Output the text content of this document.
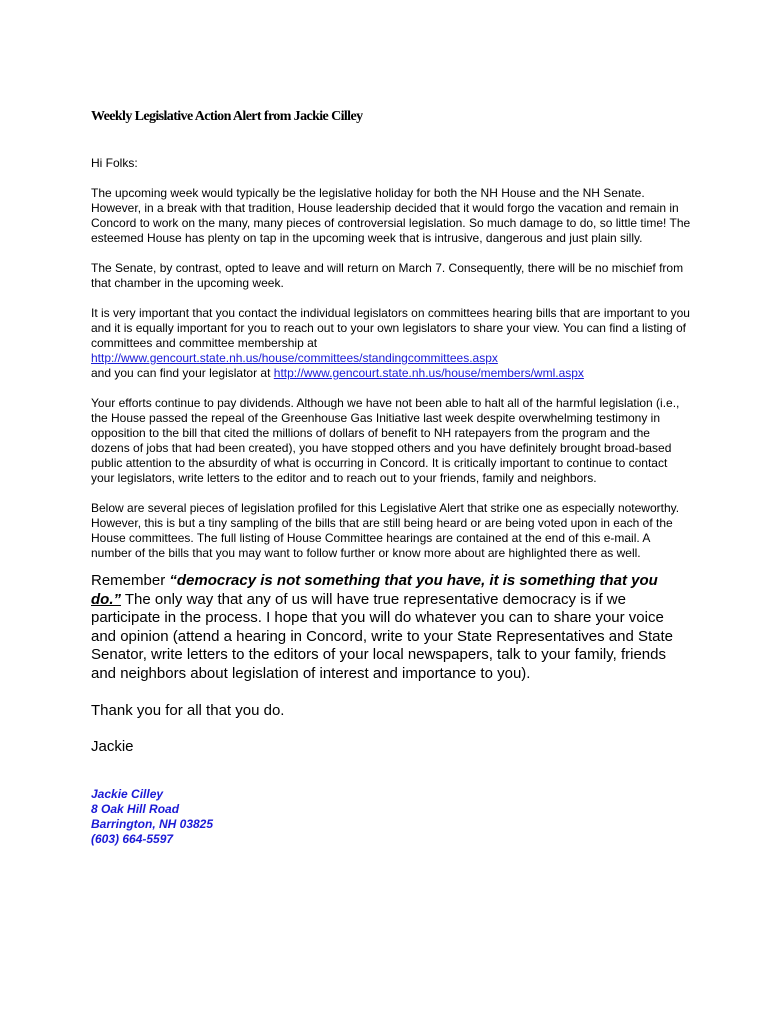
Weekly Legislative Action Alert from Jackie Cilley

Hi Folks:

The upcoming week would typically be the legislative holiday for both the NH House and the NH Senate. However, in a break with that tradition, House leadership decided that it would forgo the vacation and remain in Concord to work on the many, many pieces of controversial legislation. So much damage to do, so little time! The esteemed House has plenty on tap in the upcoming week that is intrusive, dangerous and just plain silly.

The Senate, by contrast, opted to leave and will return on March 7. Consequently, there will be no mischief from that chamber in the upcoming week.

It is very important that you contact the individual legislators on committees hearing bills that are important to you and it is equally important for you to reach out to your own legislators to share your view. You can find a listing of committees and committee membership at
http://www.gencourt.state.nh.us/house/committees/standingcommittees.aspx
and you can find your legislator at http://www.gencourt.state.nh.us/house/members/wml.aspx

Your efforts continue to pay dividends. Although we have not been able to halt all of the harmful legislation (i.e., the House passed the repeal of the Greenhouse Gas Initiative last week despite overwhelming testimony in opposition to the bill that cited the millions of dollars of benefit to NH ratepayers from the program and the dozens of jobs that had been created), you have stopped others and you have definitely brought broad-based public attention to the absurdity of what is occurring in Concord. It is critically important to continue to contact your legislators, write letters to the editor and to reach out to your friends, family and neighbors.

Below are several pieces of legislation profiled for this Legislative Alert that strike one as especially noteworthy. However, this is but a tiny sampling of the bills that are still being heard or are being voted upon in each of the House committees. The full listing of House Committee hearings are contained at the end of this e-mail. A number of the bills that you may want to follow further or know more about are highlighted there as well.

Remember “democracy is not something that you have, it is something that you do.” The only way that any of us will have true representative democracy is if we participate in the process. I hope that you will do whatever you can to share your voice and opinion (attend a hearing in Concord, write to your State Representatives and State Senator, write letters to the editors of your local newspapers, talk to your family, friends and neighbors about legislation of interest and importance to you).

Thank you for all that you do.

Jackie

Jackie Cilley
8 Oak Hill Road
Barrington, NH 03825
(603) 664-5597
